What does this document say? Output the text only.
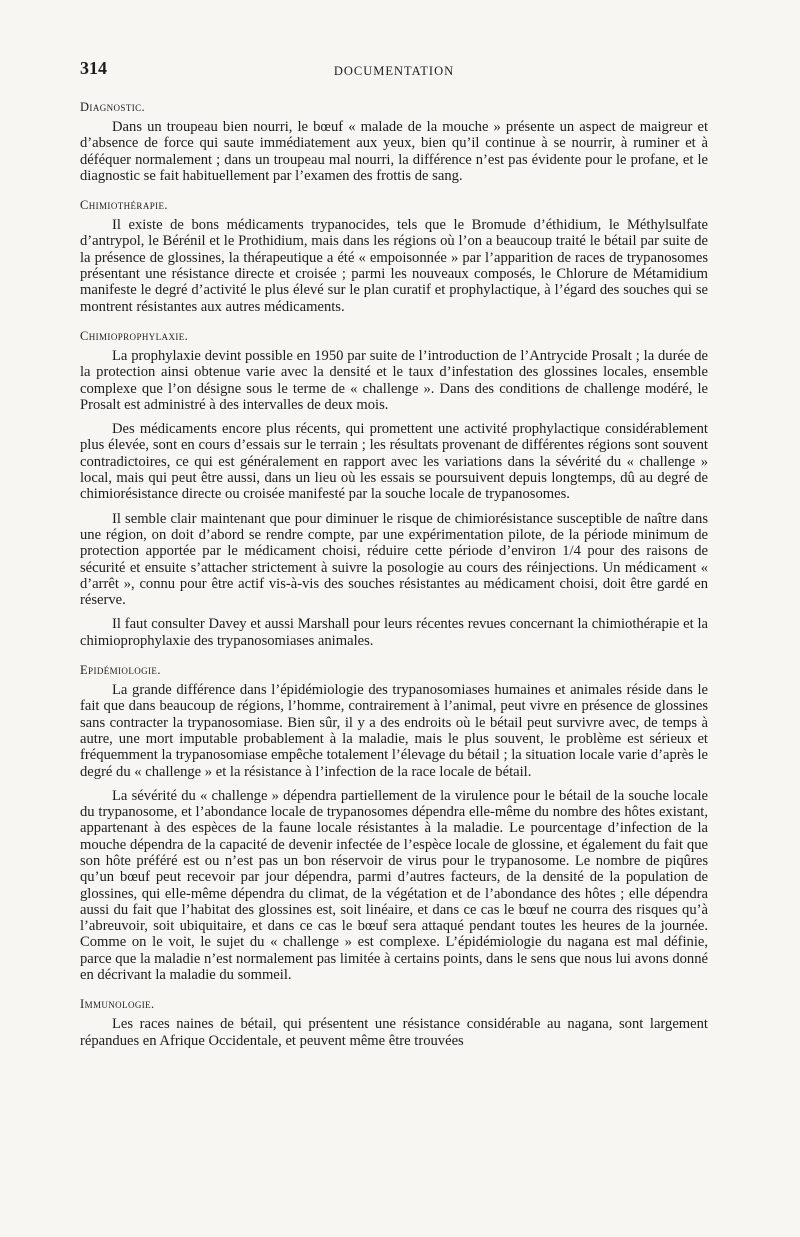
314	DOCUMENTATION
Diagnostic.

Dans un troupeau bien nourri, le bœuf « malade de la mouche » présente un aspect de maigreur et d’absence de force qui saute immédiatement aux yeux, bien qu’il continue à se nourrir, à ruminer et à déféquer normalement ; dans un troupeau mal nourri, la différence n’est pas évidente pour le profane, et le diagnostic se fait habituellement par l’examen des frottis de sang.

Chimiothérapie.

Il existe de bons médicaments trypanocides, tels que le Bromude d’éthidium, le Méthylsulfate d’antrypol, le Bérénil et le Prothidium, mais dans les régions où l’on a beaucoup traité le bétail par suite de la présence de glossines, la thérapeutique a été « empoisonnée » par l’apparition de races de trypanosomes présentant une résistance directe et croisée ; parmi les nouveaux composés, le Chlorure de Métamidium manifeste le degré d’activité le plus élevé sur le plan curatif et prophylactique, à l’égard des souches qui se montrent résistantes aux autres médicaments.

Chimioprophylaxie.

La prophylaxie devint possible en 1950 par suite de l’introduction de l’Antrycide Prosalt ; la durée de la protection ainsi obtenue varie avec la densité et le taux d’infestation des glossines locales, ensemble complexe que l’on désigne sous le terme de « challenge ». Dans des conditions de challenge modéré, le Prosalt est administré à des intervalles de deux mois.

Des médicaments encore plus récents, qui promettent une activité prophylactique considérablement plus élevée, sont en cours d’essais sur le terrain ; les résultats provenant de différentes régions sont souvent contradictoires, ce qui est généralement en rapport avec les variations dans la sévérité du « challenge » local, mais qui peut être aussi, dans un lieu où les essais se poursuivent depuis longtemps, dû au degré de chimiorésistance directe ou croisée manifesté par la souche locale de trypanosomes.

Il semble clair maintenant que pour diminuer le risque de chimiorésistance susceptible de naître dans une région, on doit d’abord se rendre compte, par une expérimentation pilote, de la période minimum de protection apportée par le médicament choisi, réduire cette période d’environ 1/4 pour des raisons de sécurité et ensuite s’attacher strictement à suivre la posologie au cours des réinjections. Un médicament « d’arrêt », connu pour être actif vis-à-vis des souches résistantes au médicament choisi, doit être gardé en réserve.

Il faut consulter Davey et aussi Marshall pour leurs récentes revues concernant la chimiothérapie et la chimioprophylaxie des trypanosomiases animales.

Epidémiologie.

La grande différence dans l’épidémiologie des trypanosomiases humaines et animales réside dans le fait que dans beaucoup de régions, l’homme, contrairement à l’animal, peut vivre en présence de glossines sans contracter la trypanosomiase. Bien sûr, il y a des endroits où le bétail peut survivre avec, de temps à autre, une mort imputable probablement à la maladie, mais le plus souvent, le problème est sérieux et fréquemment la trypanosomiase empêche totalement l’élevage du bétail ; la situation locale varie d’après le degré du « challenge » et la résistance à l’infection de la race locale de bétail.

La sévérité du « challenge » dépendra partiellement de la virulence pour le bétail de la souche locale du trypanosome, et l’abondance locale de trypanosomes dépendra elle-même du nombre des hôtes existant, appartenant à des espèces de la faune locale résistantes à la maladie. Le pourcentage d’infection de la mouche dépendra de la capacité de devenir infectée de l’espèce locale de glossine, et également du fait que son hôte préféré est ou n’est pas un bon réservoir de virus pour le trypanosome. Le nombre de piqûres qu’un bœuf peut recevoir par jour dépendra, parmi d’autres facteurs, de la densité de la population de glossines, qui elle-même dépendra du climat, de la végétation et de l’abondance des hôtes ; elle dépendra aussi du fait que l’habitat des glossines est, soit linéaire, et dans ce cas le bœuf ne courra des risques qu’à l’abreuvoir, soit ubiquitaire, et dans ce cas le bœuf sera attaqué pendant toutes les heures de la journée. Comme on le voit, le sujet du « challenge » est complexe. L’épidémiologie du nagana est mal définie, parce que la maladie n’est normalement pas limitée à certains points, dans le sens que nous lui avons donné en décrivant la maladie du sommeil.

Immunologie.

Les races naines de bétail, qui présentent une résistance considérable au nagana, sont largement répandues en Afrique Occidentale, et peuvent même être trouvées
